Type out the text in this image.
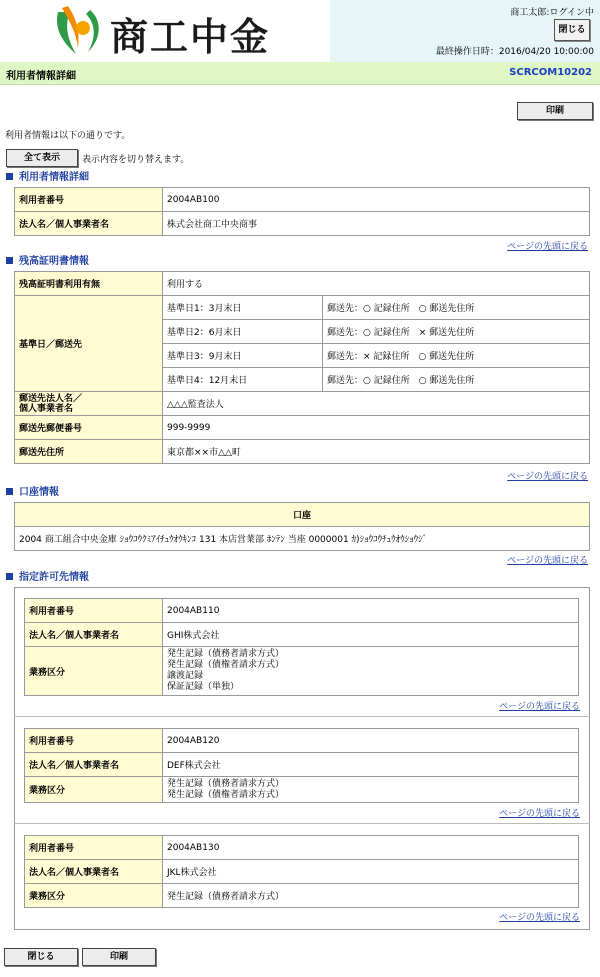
商工中金
商工太郎:ログイン中
閉じる
最終操作日時：2016/04/20 10:00:00
利用者情報詳細	SCRCOM10202
印刷
利用者情報は以下の通りです。
全て表示	表示内容を切り替えます。
利用者情報詳細
利用者番号	2004AB100
法人名／個人事業者名	株式会社商工中央商事
ページの先頭に戻る
残高証明書情報
残高証明書利用有無	利用する	
基準日／郵送先	基準日1：3月末日	郵送先：○ 記録住所　○ 郵送先住所
	基準日2：6月末日	郵送先：○ 記録住所　× 郵送先住所
	基準日3：9月末日	郵送先：× 記録住所　○ 郵送先住所
	基準日4：12月末日	郵送先：○ 記録住所　○ 郵送先住所
郵送先法人名／
個人事業者名	△△△監査法人	
郵送先郵便番号	999-9999	
郵送先住所	東京都××市△△町	
ページの先頭に戻る
口座情報
口座
2004 商工組合中央金庫 ｼｮｳｺｳｸﾐｱｲﾁｭｳｵｳｷﾝｺ 131 本店営業部 ﾎﾝﾃﾝ 当座 0000001 ｶ)ｼｮｳｺｳﾁｭｳｵｳｼｮｳｼﾞ
ページの先頭に戻る
指定許可先情報
利用者番号	2004AB110
法人名／個人事業者名	GHI株式会社
業務区分	発生記録（債務者請求方式）
発生記録（債権者請求方式）
譲渡記録
保証記録（単独）
ページの先頭に戻る
利用者番号	2004AB120
法人名／個人事業者名	DEF株式会社
業務区分	発生記録（債務者請求方式）
発生記録（債権者請求方式）
ページの先頭に戻る
利用者番号	2004AB130
法人名／個人事業者名	JKL株式会社
業務区分	発生記録（債務者請求方式）
ページの先頭に戻る
閉じる	印刷
